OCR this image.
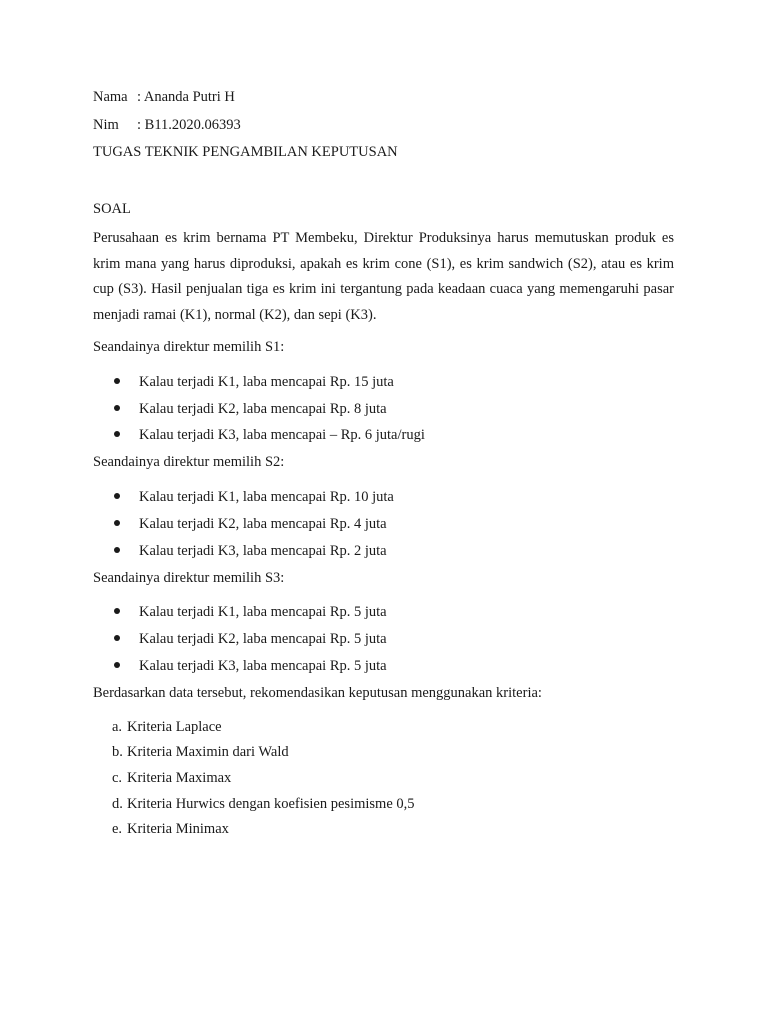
Nama : Ananda Putri H
Nim : B11.2020.06393
TUGAS TEKNIK PENGAMBILAN KEPUTUSAN
SOAL

Perusahaan es krim bernama PT Membeku, Direktur Produksinya harus memutuskan produk es krim mana yang harus diproduksi, apakah es krim cone (S1), es krim sandwich (S2), atau es krim cup (S3). Hasil penjualan tiga es krim ini tergantung pada keadaan cuaca yang memengaruhi pasar menjadi ramai (K1), normal (K2), dan sepi (K3).

Seandainya direktur memilih S1:
Kalau terjadi K1, laba mencapai Rp. 15 juta
Kalau terjadi K2, laba mencapai Rp. 8 juta
Kalau terjadi K3, laba mencapai – Rp. 6 juta/rugi
Seandainya direktur memilih S2:
Kalau terjadi K1, laba mencapai Rp. 10 juta
Kalau terjadi K2, laba mencapai Rp. 4 juta
Kalau terjadi K3, laba mencapai Rp. 2 juta
Seandainya direktur memilih S3:
Kalau terjadi K1, laba mencapai Rp. 5 juta
Kalau terjadi K2, laba mencapai Rp. 5 juta
Kalau terjadi K3, laba mencapai Rp. 5 juta
Berdasarkan data tersebut, rekomendasikan keputusan menggunakan kriteria:
a. Kriteria Laplace
b. Kriteria Maximin dari Wald
c. Kriteria Maximax
d. Kriteria Hurwics dengan koefisien pesimisme 0,5
e. Kriteria Minimax
